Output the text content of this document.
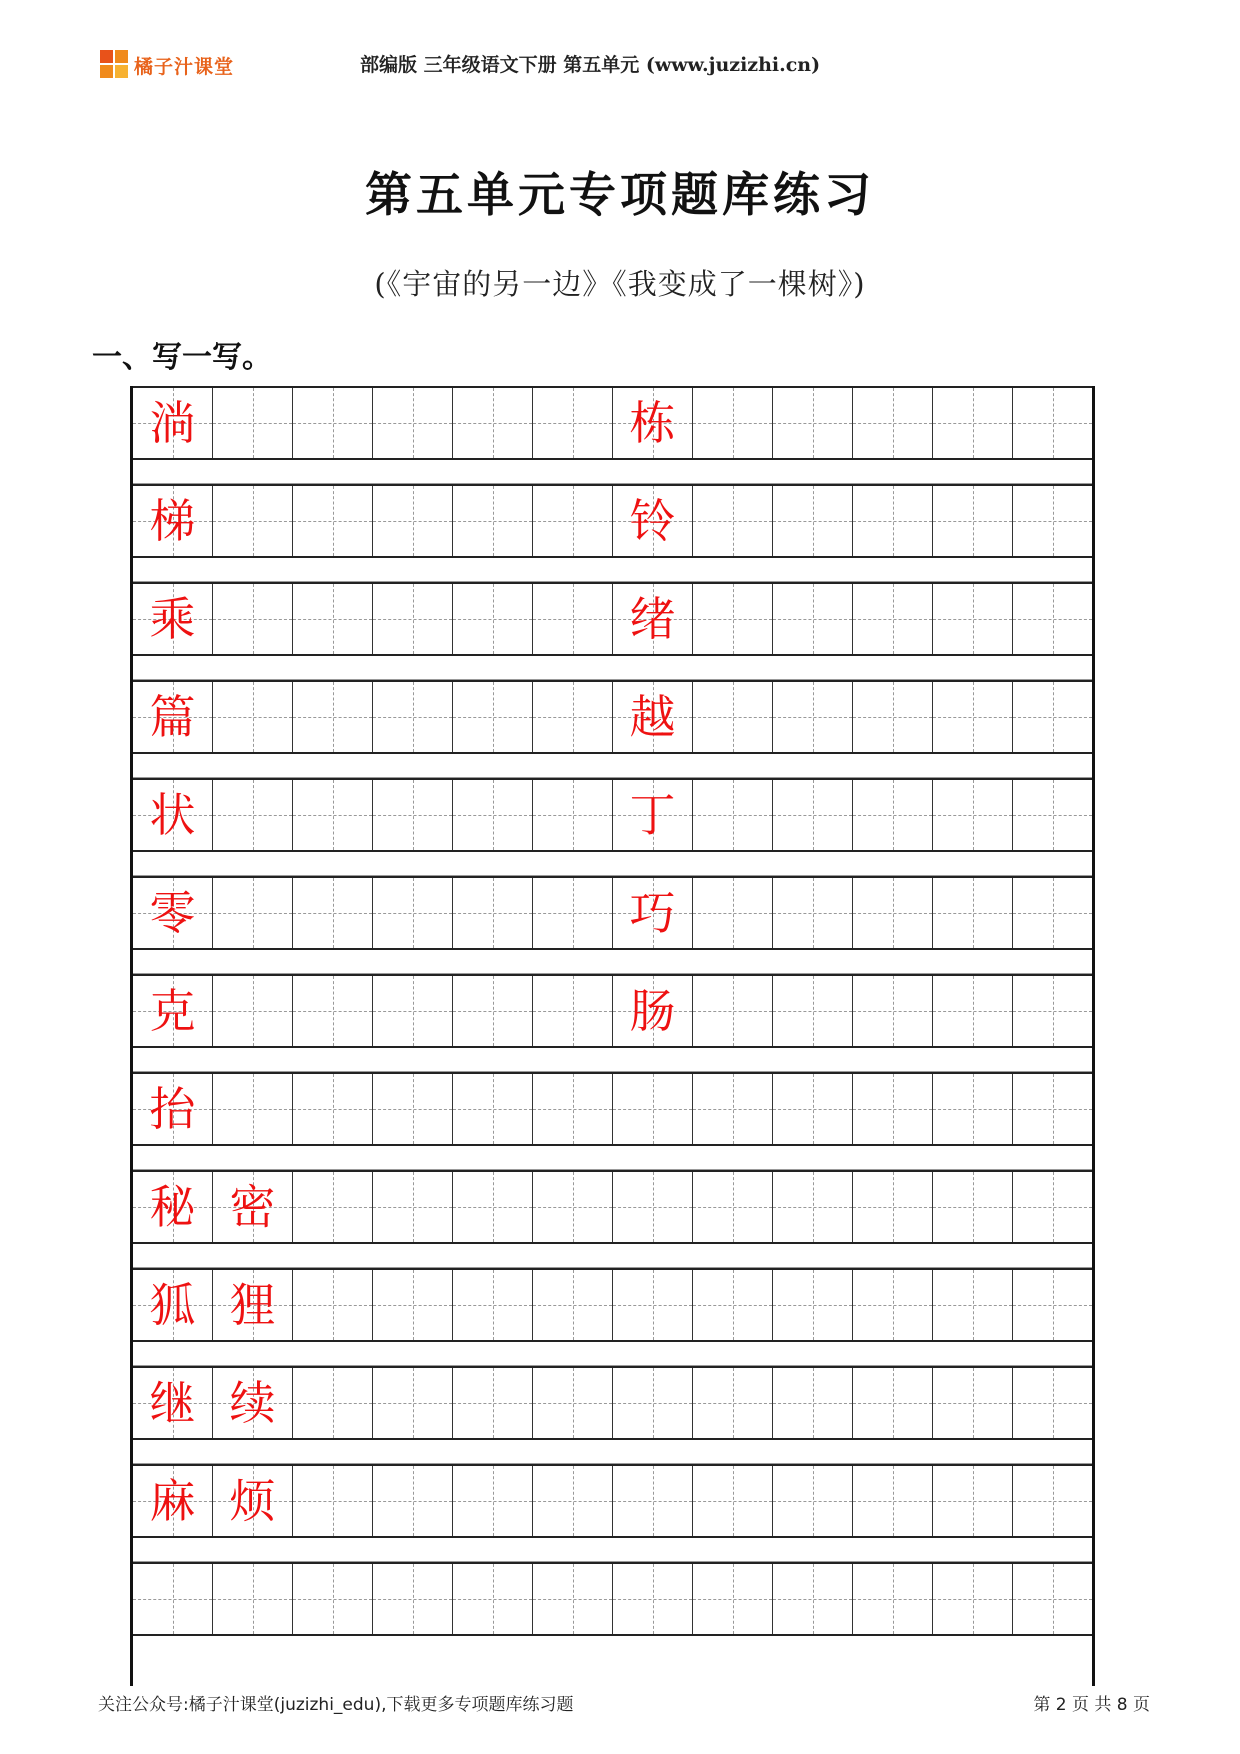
橘子汁课堂	部编版 三年级语文下册 第五单元 (www.juzizhi.cn)
第五单元专项题库练习
(《宇宙的另一边》《我变成了一棵树》)
一、写一写。
淌	栋
梯	铃
乘	绪
篇	越
状	丁
零	巧
克	肠
抬
秘 密
狐 狸
继 续
麻 烦
关注公众号:橘子汁课堂(juzizhi_edu),下载更多专项题库练习题	第 2 页 共 8 页
